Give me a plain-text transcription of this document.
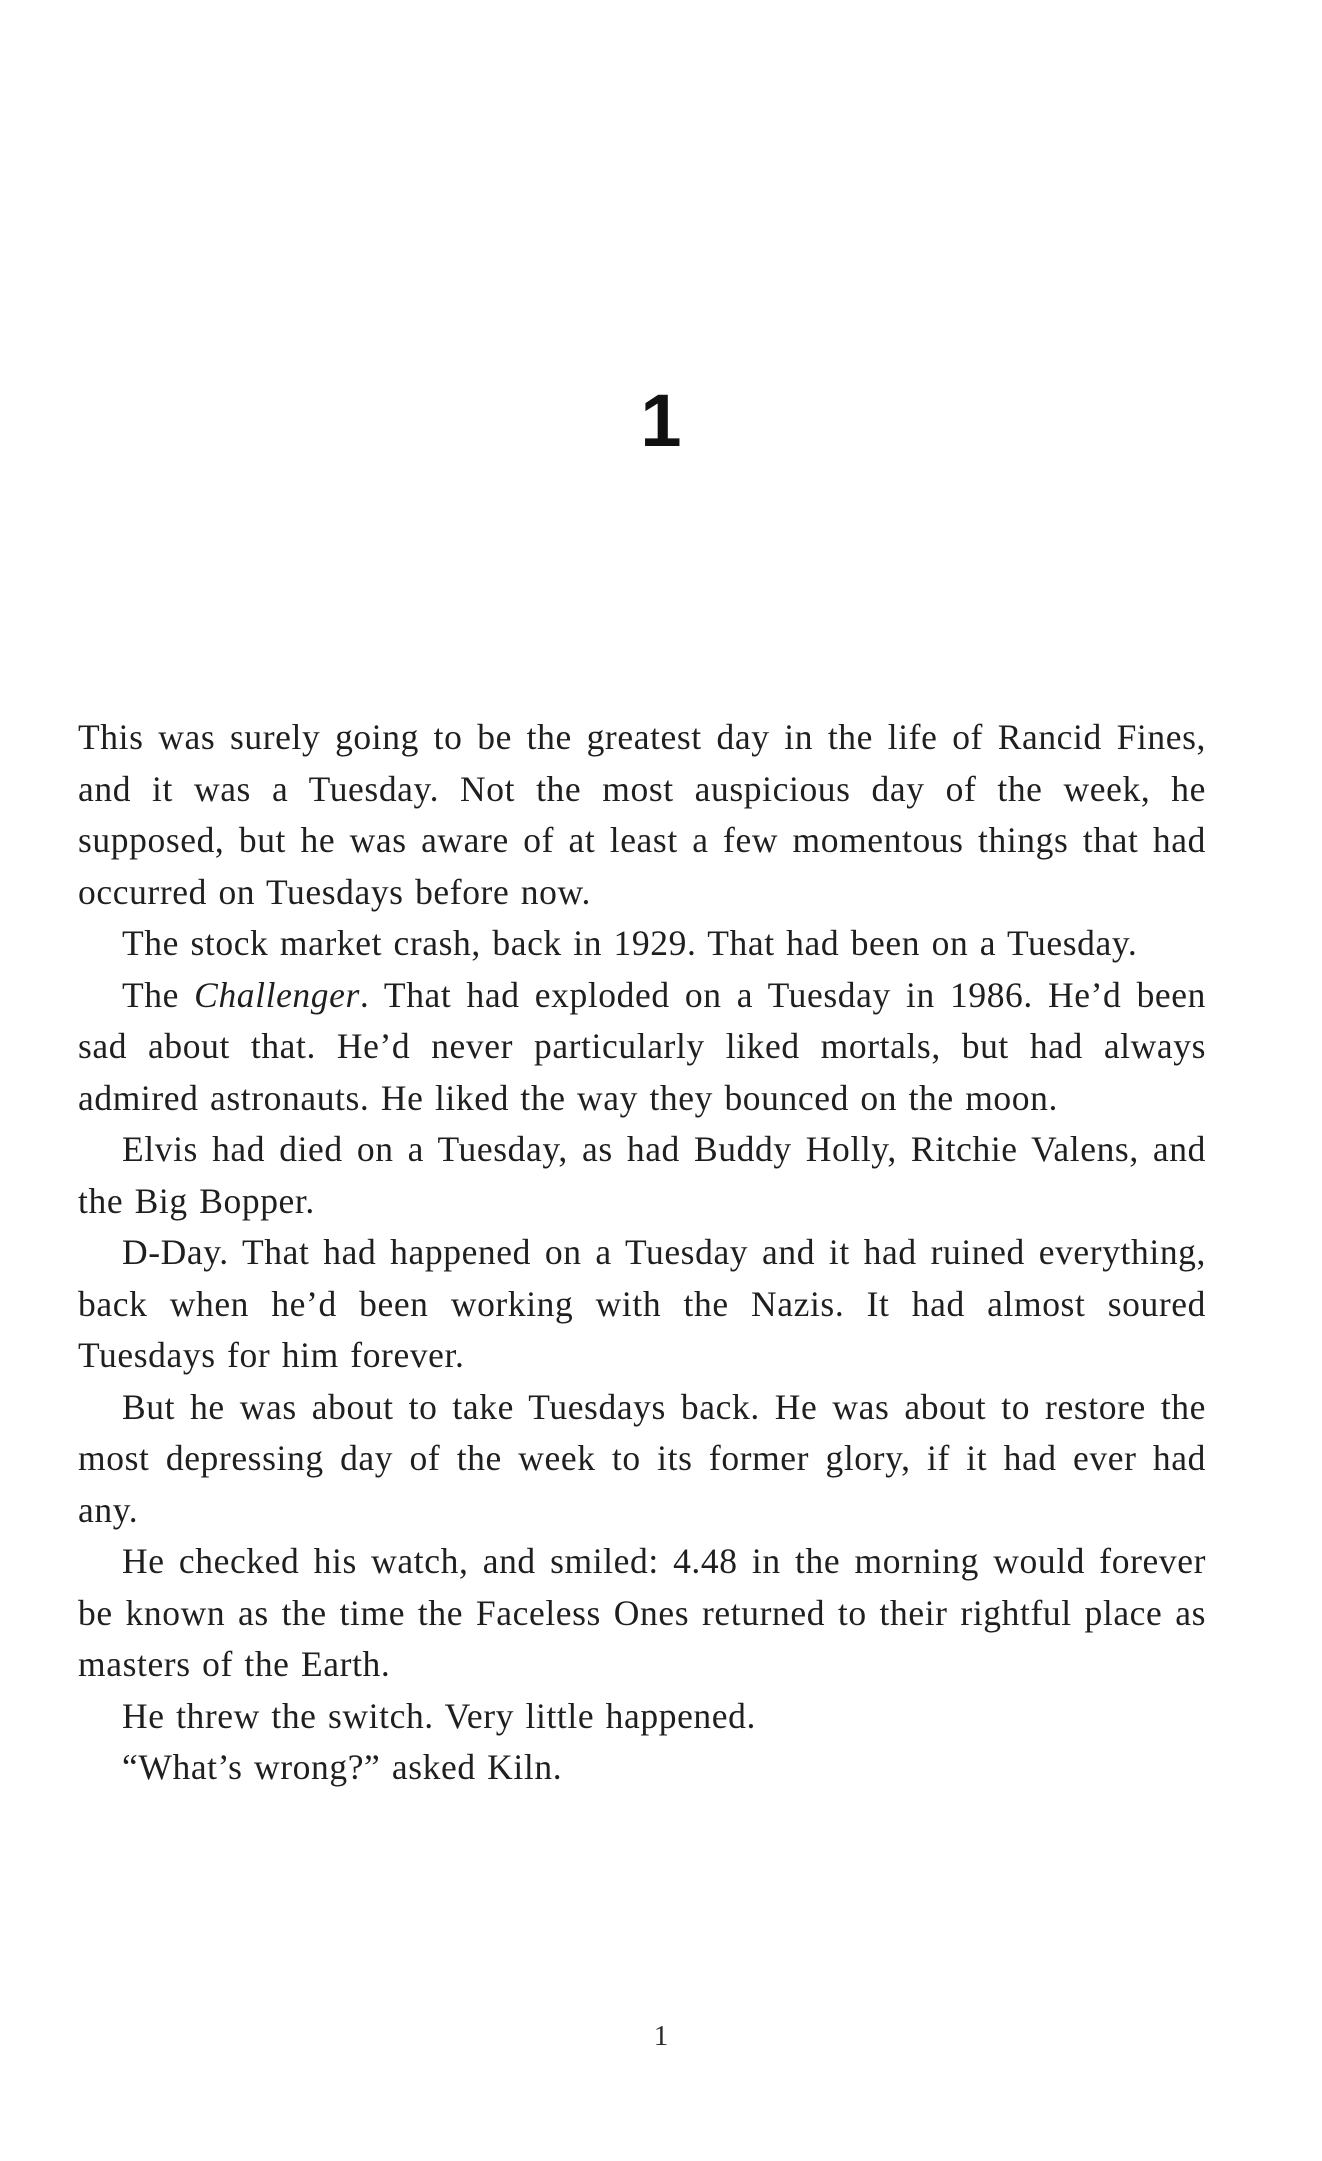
1

This was surely going to be the greatest day in the life of Rancid Fines, and it was a Tuesday. Not the most auspicious day of the week, he supposed, but he was aware of at least a few momentous things that had occurred on Tuesdays before now.

The stock market crash, back in 1929. That had been on a Tuesday.

The Challenger. That had exploded on a Tuesday in 1986. He’d been sad about that. He’d never particularly liked mortals, but had always admired astronauts. He liked the way they bounced on the moon.

Elvis had died on a Tuesday, as had Buddy Holly, Ritchie Valens, and the Big Bopper.

D-Day. That had happened on a Tuesday and it had ruined everything, back when he’d been working with the Nazis. It had almost soured Tuesdays for him forever.

But he was about to take Tuesdays back. He was about to restore the most depressing day of the week to its former glory, if it had ever had any.

He checked his watch, and smiled: 4.48 in the morning would forever be known as the time the Faceless Ones returned to their rightful place as masters of the Earth.

He threw the switch. Very little happened.

“What’s wrong?” asked Kiln.

1
